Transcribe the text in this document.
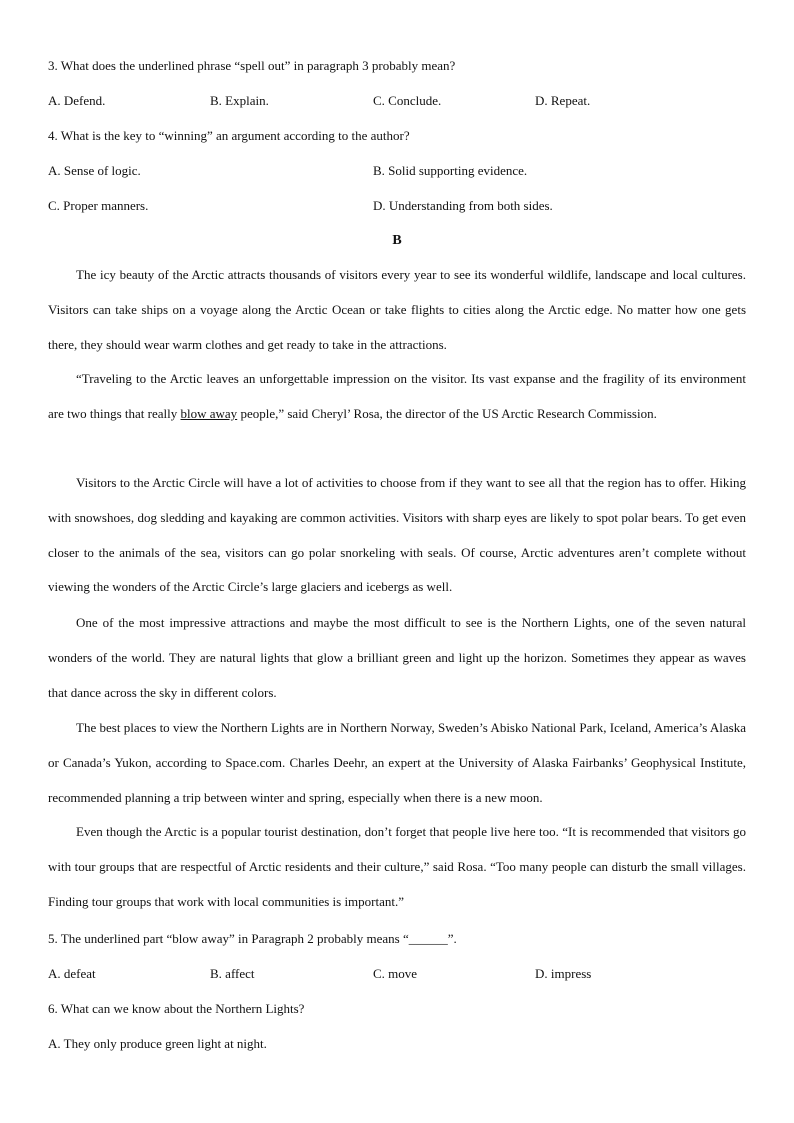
3. What does the underlined phrase “spell out” in paragraph 3 probably mean?
A. Defend.	B. Explain.	C. Conclude.	D. Repeat.
4. What is the key to “winning” an argument according to the author?
A. Sense of logic.	B. Solid supporting evidence.
C. Proper manners.	D. Understanding from both sides.
B

The icy beauty of the Arctic attracts thousands of visitors every year to see its wonderful wildlife, landscape and local cultures. Visitors can take ships on a voyage along the Arctic Ocean or take flights to cities along the Arctic edge. No matter how one gets there, they should wear warm clothes and get ready to take in the attractions.

“Traveling to the Arctic leaves an unforgettable impression on the visitor. Its vast expanse and the fragility of its environment are two things that really blow away people,” said Cheryl’ Rosa, the director of the US Arctic Research Commission.

Visitors to the Arctic Circle will have a lot of activities to choose from if they want to see all that the region has to offer. Hiking with snowshoes, dog sledding and kayaking are common activities. Visitors with sharp eyes are likely to spot polar bears. To get even closer to the animals of the sea, visitors can go polar snorkeling with seals. Of course, Arctic adventures aren’t complete without viewing the wonders of the Arctic Circle’s large glaciers and icebergs as well.

One of the most impressive attractions and maybe the most difficult to see is the Northern Lights, one of the seven natural wonders of the world. They are natural lights that glow a brilliant green and light up the horizon. Sometimes they appear as waves that dance across the sky in different colors.

The best places to view the Northern Lights are in Northern Norway, Sweden’s Abisko National Park, Iceland, America’s Alaska or Canada’s Yukon, according to Space.com. Charles Deehr, an expert at the University of Alaska Fairbanks’ Geophysical Institute, recommended planning a trip between winter and spring, especially when there is a new moon.

Even though the Arctic is a popular tourist destination, don’t forget that people live here too. “It is recommended that visitors go with tour groups that are respectful of Arctic residents and their culture,” said Rosa. “Too many people can disturb the small villages. Finding tour groups that work with local communities is important.”

5. The underlined part “blow away” in Paragraph 2 probably means “______”.
A. defeat	B. affect	C. move	D. impress
6. What can we know about the Northern Lights?
A. They only produce green light at night.
